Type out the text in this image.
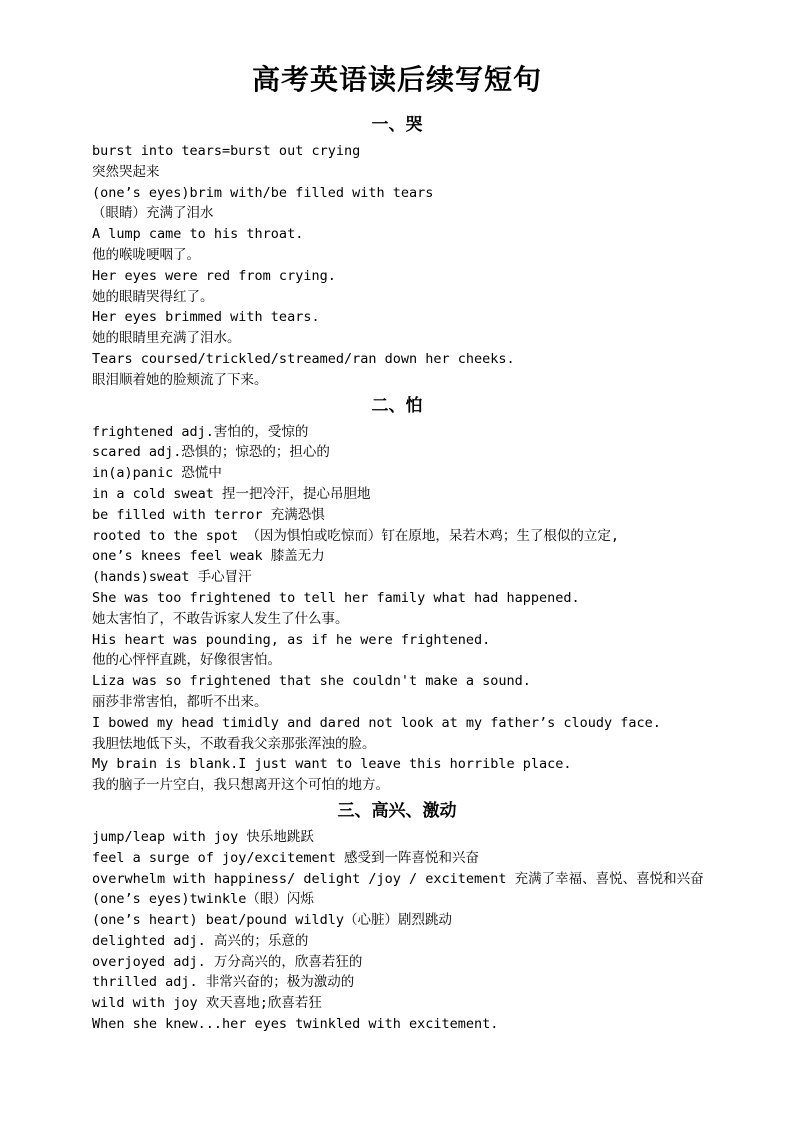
高考英语读后续写短句
一、哭
burst into tears=burst out crying
突然哭起来
(one’s eyes)brim with/be filled with tears
（眼睛）充满了泪水
A lump came to his throat.
他的喉咙哽咽了。
Her eyes were red from crying.
她的眼睛哭得红了。
Her eyes brimmed with tears.
她的眼睛里充满了泪水。
Tears coursed/trickled/streamed/ran down her cheeks.
眼泪顺着她的脸颊流了下来。
二、怕
frightened adj.害怕的，受惊的
scared adj.恐惧的；惊恐的；担心的
in(a)panic 恐慌中
in a cold sweat 捏一把冷汗，提心吊胆地
be filled with terror 充满恐惧
rooted to the spot （因为惧怕或吃惊而）钉在原地，呆若木鸡；生了根似的立定,
one’s knees feel weak 膝盖无力
(hands)sweat 手心冒汗
She was too frightened to tell her family what had happened.
她太害怕了，不敢告诉家人发生了什么事。
His heart was pounding, as if he were frightened.
他的心怦怦直跳，好像很害怕。
Liza was so frightened that she couldn't make a sound.
丽莎非常害怕，都听不出来。
I bowed my head timidly and dared not look at my father’s cloudy face.
我胆怯地低下头，不敢看我父亲那张浑浊的脸。
My brain is blank.I just want to leave this horrible place.
我的脑子一片空白，我只想离开这个可怕的地方。
三、高兴、激动
jump/leap with joy 快乐地跳跃
feel a surge of joy/excitement 感受到一阵喜悦和兴奋
overwhelm with happiness/ delight /joy / excitement 充满了幸福、喜悦、喜悦和兴奋
(one’s eyes)twinkle（眼）闪烁
(one’s heart) beat/pound wildly（心脏）剧烈跳动
delighted adj. 高兴的；乐意的
overjoyed adj. 万分高兴的，欣喜若狂的
thrilled adj. 非常兴奋的；极为激动的
wild with joy 欢天喜地;欣喜若狂
When she knew...her eyes twinkled with excitement.
